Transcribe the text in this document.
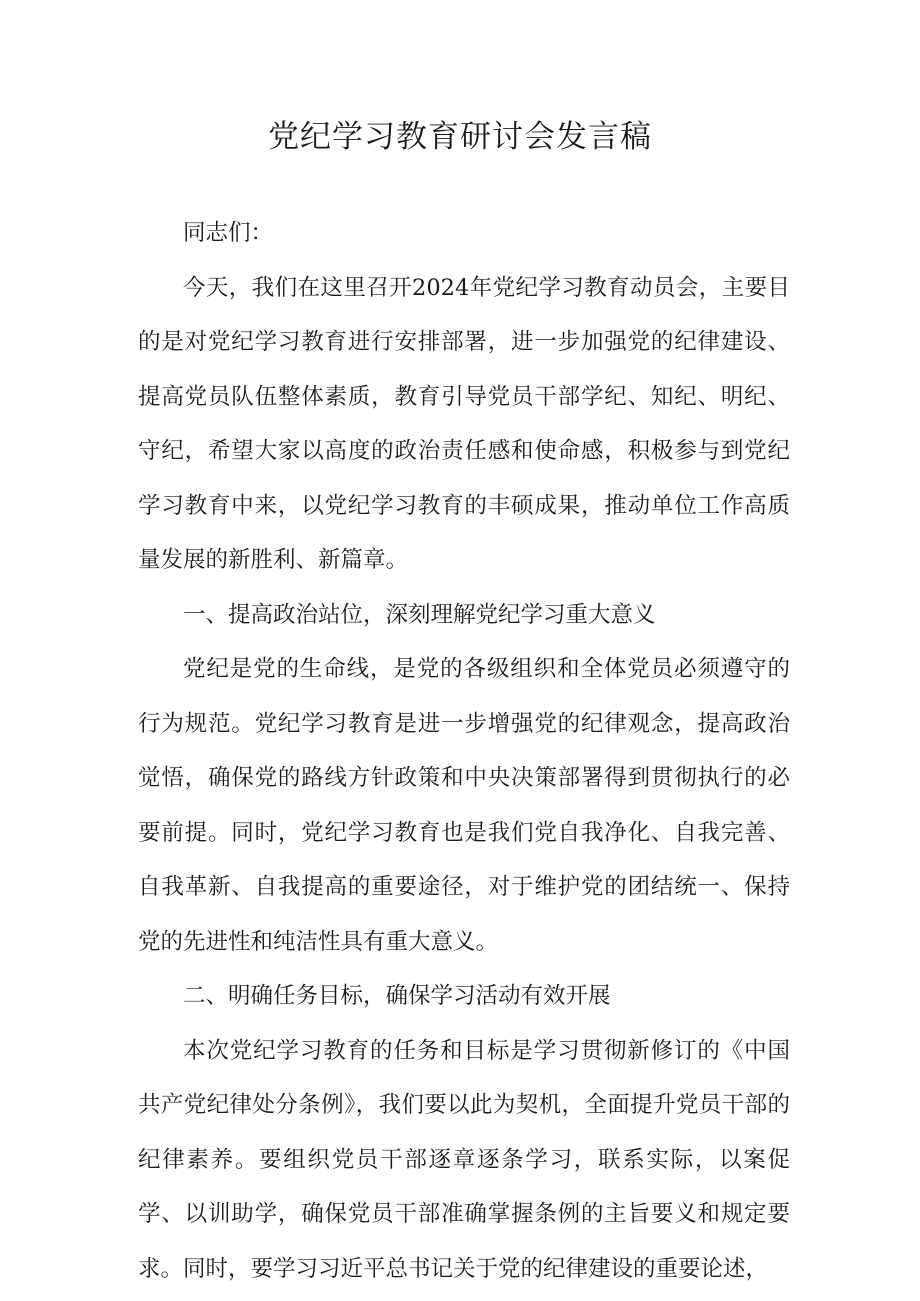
党纪学习教育研讨会发言稿

同志们：

今天，我们在这里召开2024年党纪学习教育动员会，主要目的是对党纪学习教育进行安排部署，进一步加强党的纪律建设、提高党员队伍整体素质，教育引导党员干部学纪、知纪、明纪、守纪，希望大家以高度的政治责任感和使命感，积极参与到党纪学习教育中来，以党纪学习教育的丰硕成果，推动单位工作高质量发展的新胜利、新篇章。

一、提高政治站位，深刻理解党纪学习重大意义

党纪是党的生命线，是党的各级组织和全体党员必须遵守的行为规范。党纪学习教育是进一步增强党的纪律观念，提高政治觉悟，确保党的路线方针政策和中央决策部署得到贯彻执行的必要前提。同时，党纪学习教育也是我们党自我净化、自我完善、自我革新、自我提高的重要途径，对于维护党的团结统一、保持党的先进性和纯洁性具有重大意义。

二、明确任务目标，确保学习活动有效开展

本次党纪学习教育的任务和目标是学习贯彻新修订的《中国共产党纪律处分条例》，我们要以此为契机，全面提升党员干部的纪律素养。要组织党员干部逐章逐条学习，联系实际，以案促学、以训助学，确保党员干部准确掌握条例的主旨要义和规定要求。同时，要学习习近平总书记关于党的纪律建设的重要论述，
